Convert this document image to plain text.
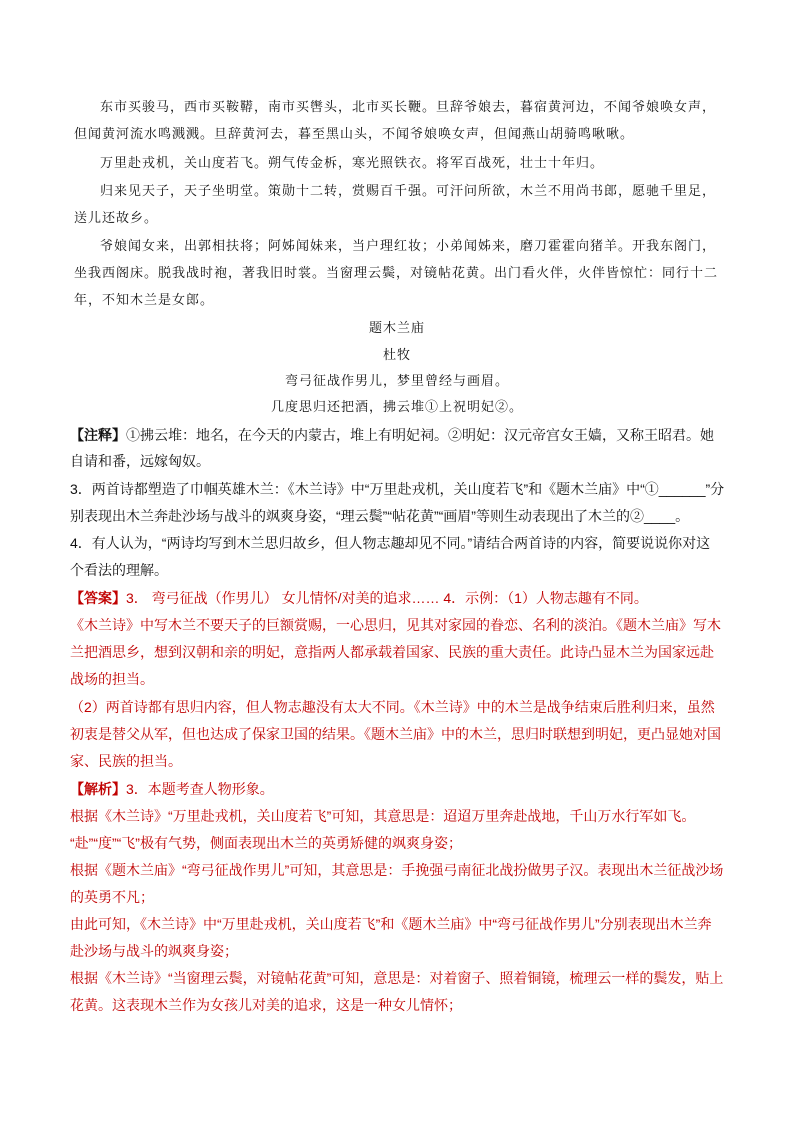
东市买骏马，西市买鞍鞯，南市买辔头，北市买长鞭。旦辞爷娘去，暮宿黄河边，不闻爷娘唤女声，
但闻黄河流水鸣溅溅。旦辞黄河去，暮至黑山头，不闻爷娘唤女声，但闻燕山胡骑鸣啾啾。
万里赴戎机，关山度若飞。朔气传金柝，寒光照铁衣。将军百战死，壮士十年归。
归来见天子，天子坐明堂。策勋十二转，赏赐百千强。可汗问所欲，木兰不用尚书郎，愿驰千里足，
送儿还故乡。
爷娘闻女来，出郭相扶将；阿姊闻妹来，当户理红妆；小弟闻姊来，磨刀霍霍向猪羊。开我东阁门，
坐我西阁床。脱我战时袍，著我旧时裳。当窗理云鬓，对镜帖花黄。出门看火伴，火伴皆惊忙：同行十二
年，不知木兰是女郎。
题木兰庙
杜牧
弯弓征战作男儿，梦里曾经与画眉。
几度思归还把酒，拂云堆①上祝明妃②。
【注释】①拂云堆：地名，在今天的内蒙古，堆上有明妃祠。②明妃：汉元帝宫女王嫱，又称王昭君。她
自请和番，远嫁匈奴。
3．两首诗都塑造了巾帼英雄木兰：《木兰诗》中“万里赴戎机，关山度若飞”和《题木兰庙》中“①______”分
别表现出木兰奔赴沙场与战斗的飒爽身姿，“理云鬓”“帖花黄”“画眉”等则生动表现出了木兰的②____。
4．有人认为，“两诗均写到木兰思归故乡，但人物志趣却见不同。”请结合两首诗的内容，简要说说你对这
个看法的理解。
【答案】3． 弯弓征战（作男儿） 女儿情怀/对美的追求…… 4．示例：（1）人物志趣有不同。
《木兰诗》中写木兰不要天子的巨额赏赐，一心思归，见其对家园的眷恋、名利的淡泊。《题木兰庙》写木
兰把酒思乡，想到汉朝和亲的明妃，意指两人都承载着国家、民族的重大责任。此诗凸显木兰为国家远赴
战场的担当。
（2）两首诗都有思归内容，但人物志趣没有太大不同。《木兰诗》中的木兰是战争结束后胜利归来，虽然
初衷是替父从军，但也达成了保家卫国的结果。《题木兰庙》中的木兰，思归时联想到明妃，更凸显她对国
家、民族的担当。
【解析】3．本题考查人物形象。
根据《木兰诗》“万里赴戎机，关山度若飞”可知，其意思是：迢迢万里奔赴战地，千山万水行军如飞。
“赴”“度”“飞”极有气势，侧面表现出木兰的英勇矫健的飒爽身姿；
根据《题木兰庙》“弯弓征战作男儿”可知，其意思是：手挽强弓南征北战扮做男子汉。表现出木兰征战沙场
的英勇不凡；
由此可知，《木兰诗》中“万里赴戎机，关山度若飞”和《题木兰庙》中“弯弓征战作男儿”分别表现出木兰奔
赴沙场与战斗的飒爽身姿；
根据《木兰诗》“当窗理云鬓，对镜帖花黄”可知，意思是：对着窗子、照着铜镜，梳理云一样的鬓发，贴上
花黄。这表现木兰作为女孩儿对美的追求，这是一种女儿情怀；
